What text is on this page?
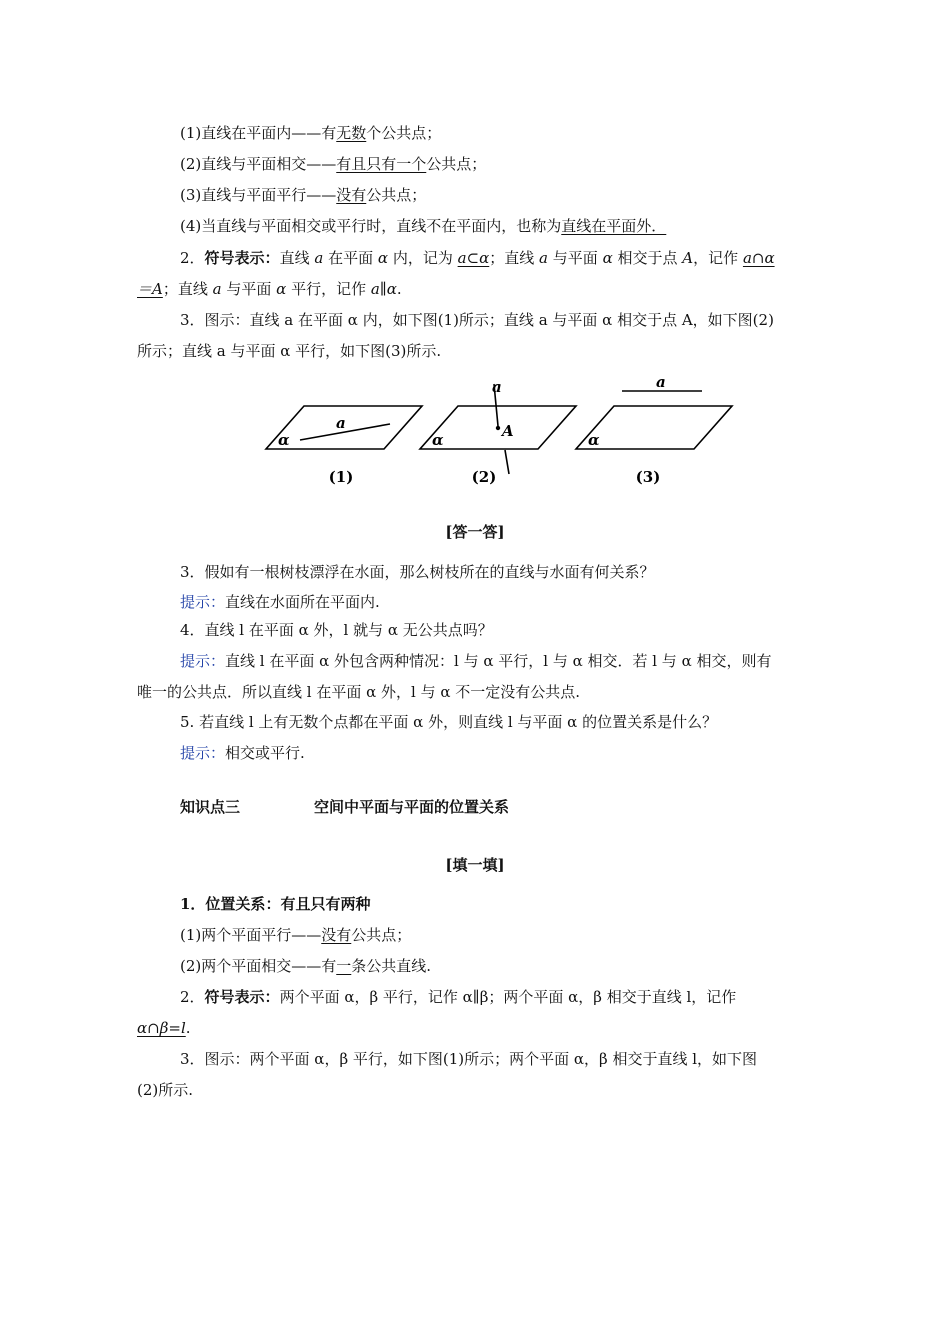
(1)直线在平面内——有无数个公共点；
(2)直线与平面相交——有且只有一个公共点；
(3)直线与平面平行——没有公共点；
(4)当直线与平面相交或平行时，直线不在平面内，也称为直线在平面外．
2．符号表示：直线 a 在平面 α 内，记为 a⊂α；直线 a 与平面 α 相交于点 A，记作 a∩α
＝A；直线 a 与平面 α 平行，记作 a∥α.
3．图示：直线 a 在平面 α 内，如下图(1)所示；直线 a 与平面 α 相交于点 A，如下图(2)
所示；直线 a 与平面 α 平行，如下图(3)所示.
α
a
α
a
A	α
a
(1)	(2)	(3)
[答一答]
3．假如有一根树枝漂浮在水面，那么树枝所在的直线与水面有何关系？
提示：直线在水面所在平面内.
4．直线 l 在平面 α 外，l 就与 α 无公共点吗？
提示：直线 l 在平面 α 外包含两种情况：l 与 α 平行，l 与 α 相交．若 l 与 α 相交，则有
唯一的公共点．所以直线 l 在平面 α 外，l 与 α 不一定没有公共点.
5. 若直线 l 上有无数个点都在平面 α 外，则直线 l 与平面 α 的位置关系是什么？
提示：相交或平行.
知识点三	空间中平面与平面的位置关系
[填一填]
1．位置关系：有且只有两种
(1)两个平面平行——没有公共点；
(2)两个平面相交——有一条公共直线.
2．符号表示：两个平面 α，β 平行，记作 α∥β；两个平面 α，β 相交于直线 l，记作
α∩β=l.
3．图示：两个平面 α，β 平行，如下图(1)所示；两个平面 α，β 相交于直线 l，如下图
(2)所示.
